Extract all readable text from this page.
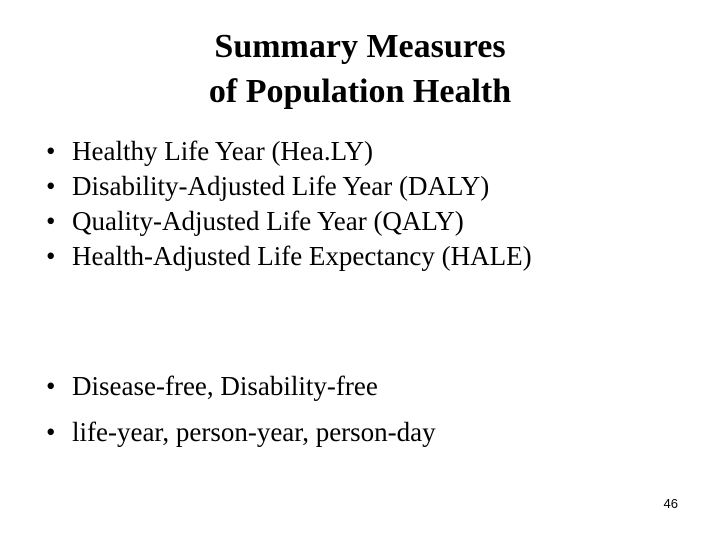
Summary Measures
of Population Health
• Healthy Life Year (Hea.LY)
• Disability-Adjusted Life Year (DALY)
• Quality-Adjusted Life Year (QALY)
• Health-Adjusted Life Expectancy (HALE)
• Disease-free, Disability-free
• life-year, person-year, person-day
46
